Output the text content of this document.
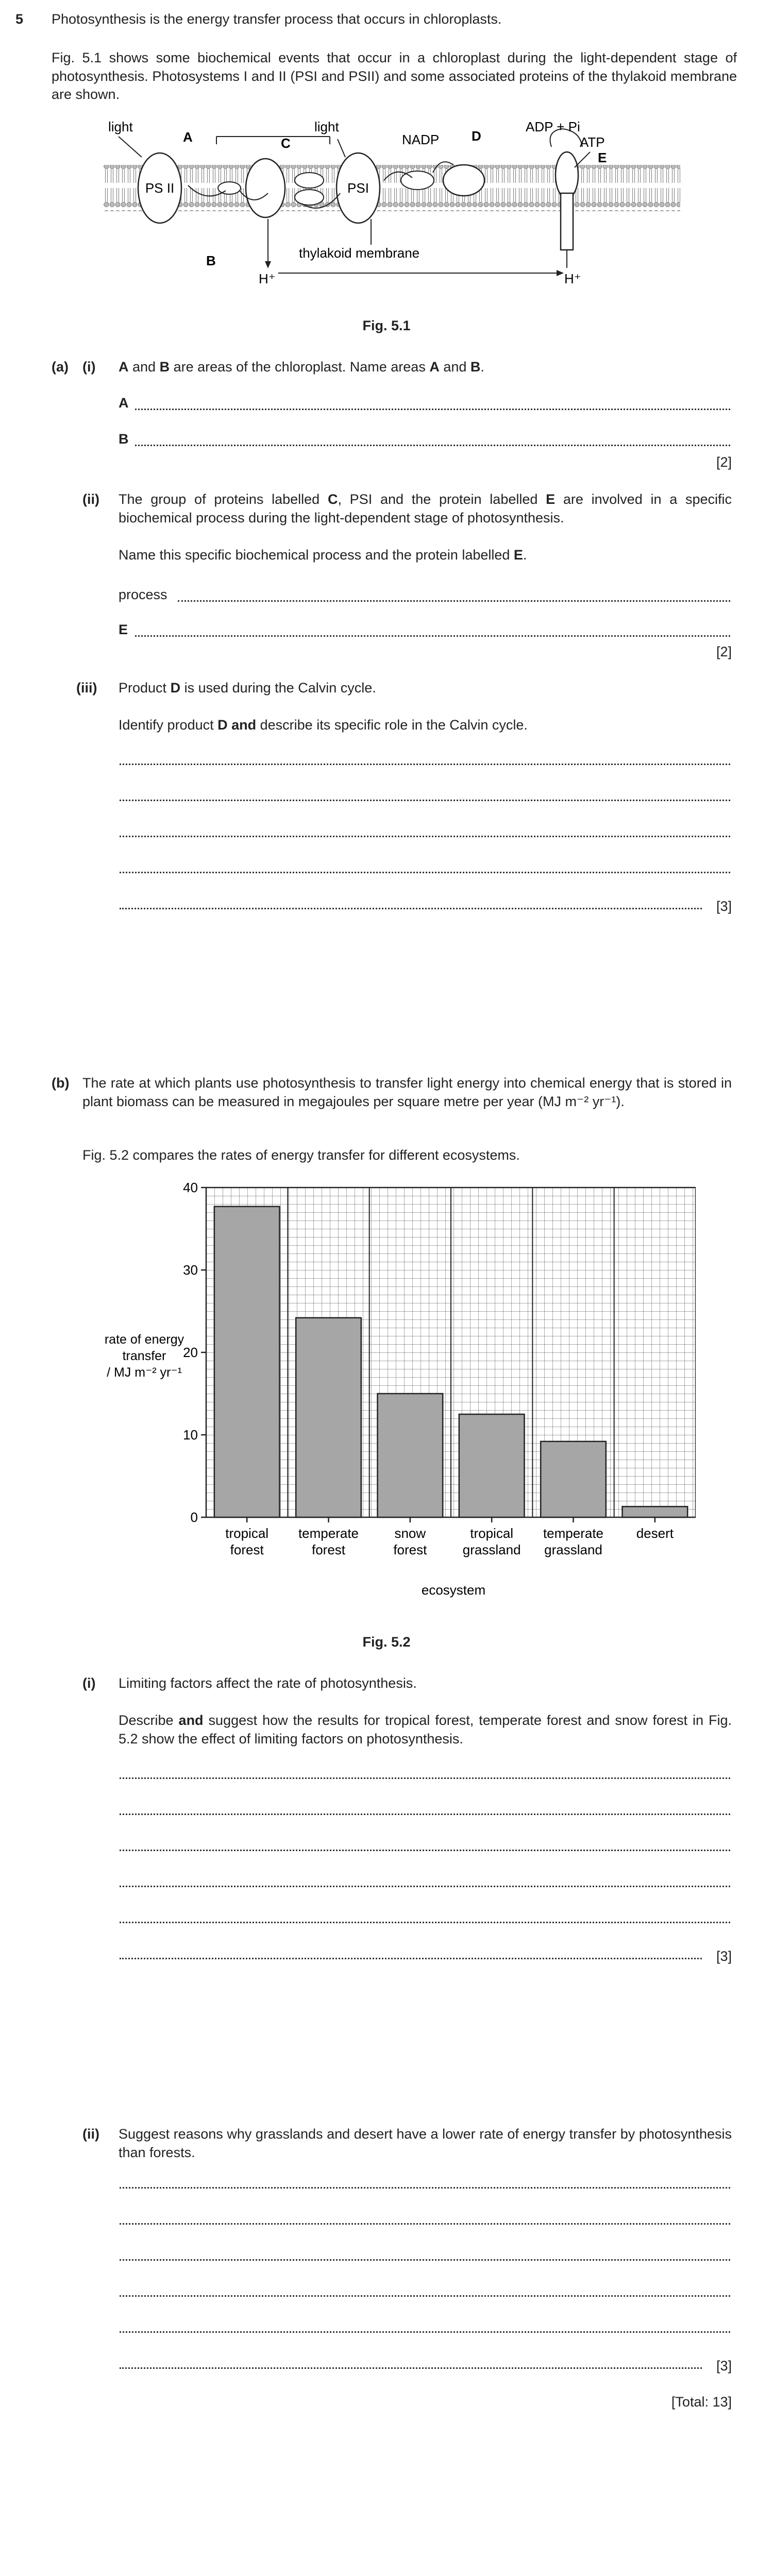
5 Photosynthesis is the energy transfer process that occurs in chloroplasts.
Fig. 5.1 shows some biochemical events that occur in a chloroplast during the light-dependent stage of photosynthesis. Photosystems I and II (PSI and PSII) and some associated proteins of the thylakoid membrane are shown.
PS II	PSI
light
A	C
light
NADP D
ADP + Pi
ATP
E
B	thylakoid membrane
H⁺	H⁺
Fig. 5.1
(a) (i) A and B are areas of the chloroplast. Name areas A and B.
A
B
[2]
(ii) The group of proteins labelled C, PSI and the protein labelled E are involved in a specific biochemical process during the light-dependent stage of photosynthesis.
Name this specific biochemical process and the protein labelled E.
process
E
[2]
(iii) Product D is used during the Calvin cycle.
Identify product D and describe its specific role in the Calvin cycle.
[3]
(b) The rate at which plants use photosynthesis to transfer light energy into chemical energy that is stored in plant biomass can be measured in megajoules per square metre per year (MJ m⁻² yr⁻¹).
Fig. 5.2 compares the rates of energy transfer for different ecosystems.
0
10
20
30
40
tropical
forest
temperate
forest
snow
forest
tropical
grassland
temperate
grassland
desert
rate of energy
transfer
/ MJ m⁻² yr⁻¹
ecosystem
Fig. 5.2
(i) Limiting factors affect the rate of photosynthesis.
Describe and suggest how the results for tropical forest, temperate forest and snow forest in Fig. 5.2 show the effect of limiting factors on photosynthesis.
[3]
(ii) Suggest reasons why grasslands and desert have a lower rate of energy transfer by photosynthesis than forests.
[3]
[Total: 13]
